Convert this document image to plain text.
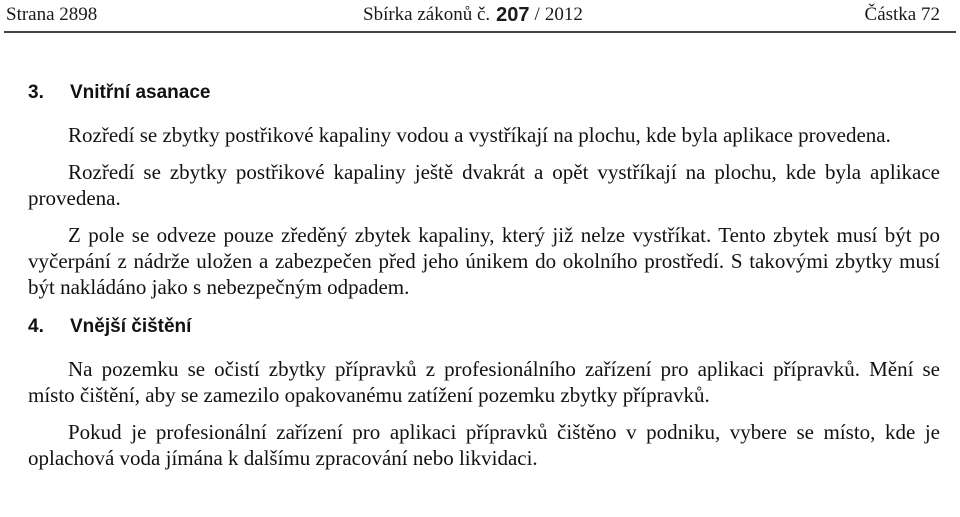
Strana 2898	Sbírka zákonů č. 207 / 2012	Částka 72
3.	Vnitřní asanace

Rozředí se zbytky postřikové kapaliny vodou a vystříkají na plochu, kde byla aplikace provedena.

Rozředí se zbytky postřikové kapaliny ještě dvakrát a opět vystříkají na plochu, kde byla aplikace provedena.

Z pole se odveze pouze zředěný zbytek kapaliny, který již nelze vystříkat. Tento zbytek musí být po vyčerpání z nádrže uložen a zabezpečen před jeho únikem do okolního prostředí. S takovými zbytky musí být nakládáno jako s nebezpečným odpadem.

4.	Vnější čištění

Na pozemku se očistí zbytky přípravků z profesionálního zařízení pro aplikaci přípravků. Mění se místo čištění, aby se zamezilo opakovanému zatížení pozemku zbytky přípravků.

Pokud je profesionální zařízení pro aplikaci přípravků čištěno v podniku, vybere se místo, kde je oplachová voda jímána k dalšímu zpracování nebo likvidaci.
